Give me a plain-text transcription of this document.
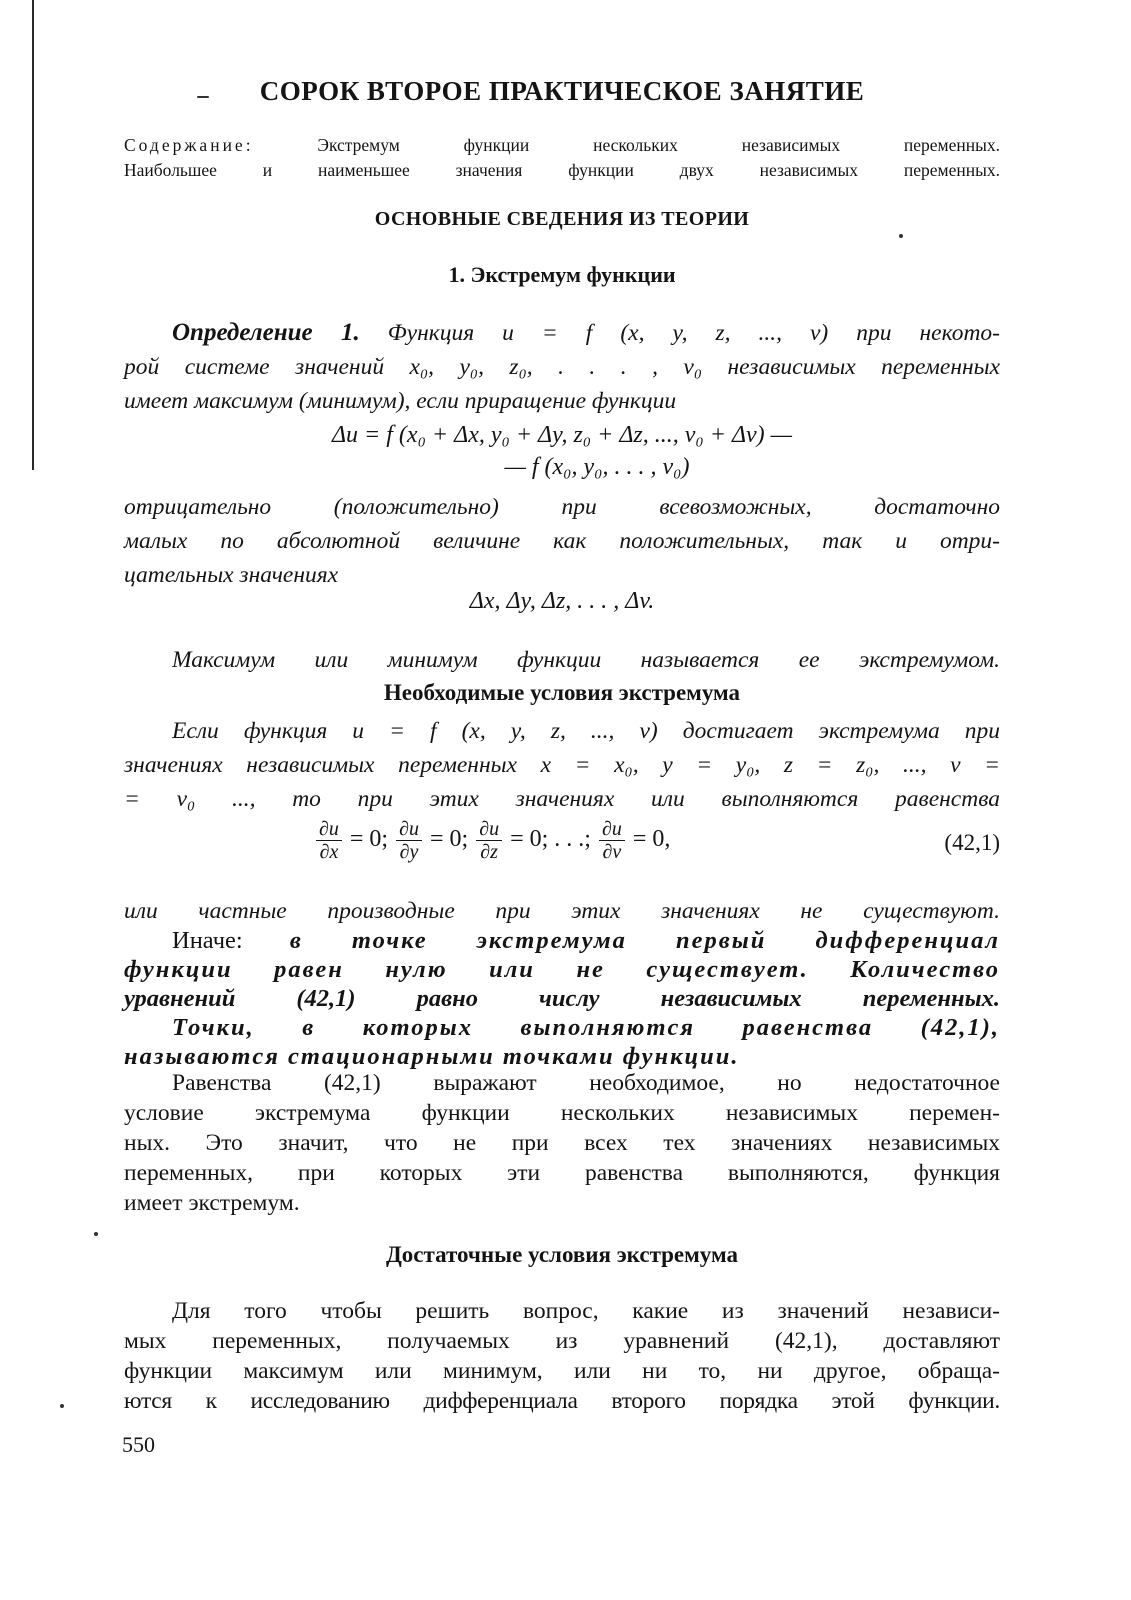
СОРОК ВТОРОЕ ПРАКТИЧЕСКОЕ ЗАНЯТИЕ
Содержание:	Экстремум функции нескольких независимых переменных.
Наибольшее и наименьшее значения функции двух независимых переменных.
ОСНОВНЫЕ СВЕДЕНИЯ ИЗ ТЕОРИИ
1. Экстремум функции
Определение 1. Функция u = f (x, y, z, ..., v) при некото-
рой системе значений x₀, y₀, z₀, . . . , v₀ независимых переменных
имеет максимум (минимум), если приращение функции
Δu = f (x₀ + Δx, y₀ + Δy, z₀ + Δz, ..., v₀ + Δv) —
— f (x₀, y₀, . . . , v₀)
отрицательно (положительно) при всевозможных, достаточно
малых по абсолютной величине как положительных, так и отри-
цательных значениях
Δx, Δy, Δz, . . . , Δv.
Максимум или минимум функции называется ее экстремумом.
Необходимые условия экстремума
Если функция u = f (x, y, z, ..., v) достигает экстремума при
значениях независимых переменных x = x₀, y = y₀, z = z₀, ..., v =
= v₀ ..., то при этих значениях или выполняются равенства
$\frac{\partial u}{\partial x} = 0$; $\frac{\partial u}{\partial y} = 0$; $\frac{\partial u}{\partial z} = 0$; . . .; $\frac{\partial u}{\partial v} = 0$,	(42,1)
или частные производные при этих значениях не существуют.
Иначе: в точке экстремума первый дифференциал
функции равен нулю или не существует. Количество
уравнений (42,1) равно числу независимых переменных.
Точки, в которых выполняются равенства (42,1),
называются стационарными точками функции.
Равенства (42,1) выражают необходимое, но недостаточное
условие экстремума функции нескольких независимых перемен-
ных. Это значит, что не при всех тех значениях независимых
переменных, при которых эти равенства выполняются, функция
имеет экстремум.
Достаточные условия экстремума
Для того чтобы решить вопрос, какие из значений независи-
мых переменных, получаемых из уравнений (42,1), доставляют
функции максимум или минимум, или ни то, ни другое, обраща-
ются к исследованию дифференциала второго порядка этой функции.
550
